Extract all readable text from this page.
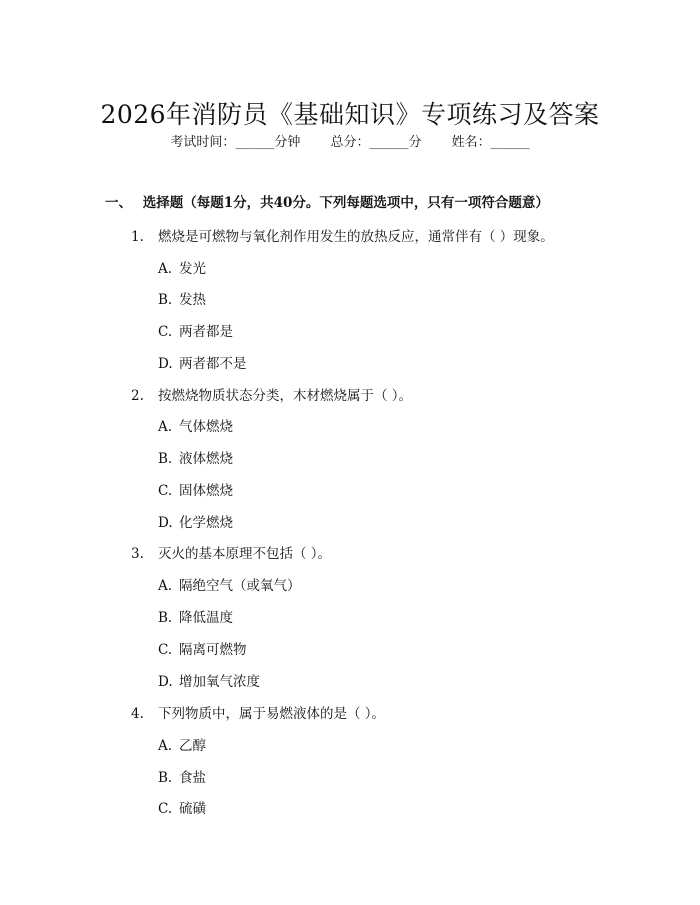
2026年消防员《基础知识》专项练习及答案
考试时间：______分钟 总分：______分 姓名：______
一、 选择题（每题1分，共40分。下列每题选项中，只有一项符合题意）
1. 燃烧是可燃物与氧化剂作用发生的放热反应，通常伴有（ ）现象。
A. 发光
B. 发热
C. 两者都是
D. 两者都不是
2. 按燃烧物质状态分类，木材燃烧属于（ ）。
A. 气体燃烧
B. 液体燃烧
C. 固体燃烧
D. 化学燃烧
3. 灭火的基本原理不包括（ ）。
A. 隔绝空气（或氧气）
B. 降低温度
C. 隔离可燃物
D. 增加氧气浓度
4. 下列物质中，属于易燃液体的是（ ）。
A. 乙醇
B. 食盐
C. 硫磺
